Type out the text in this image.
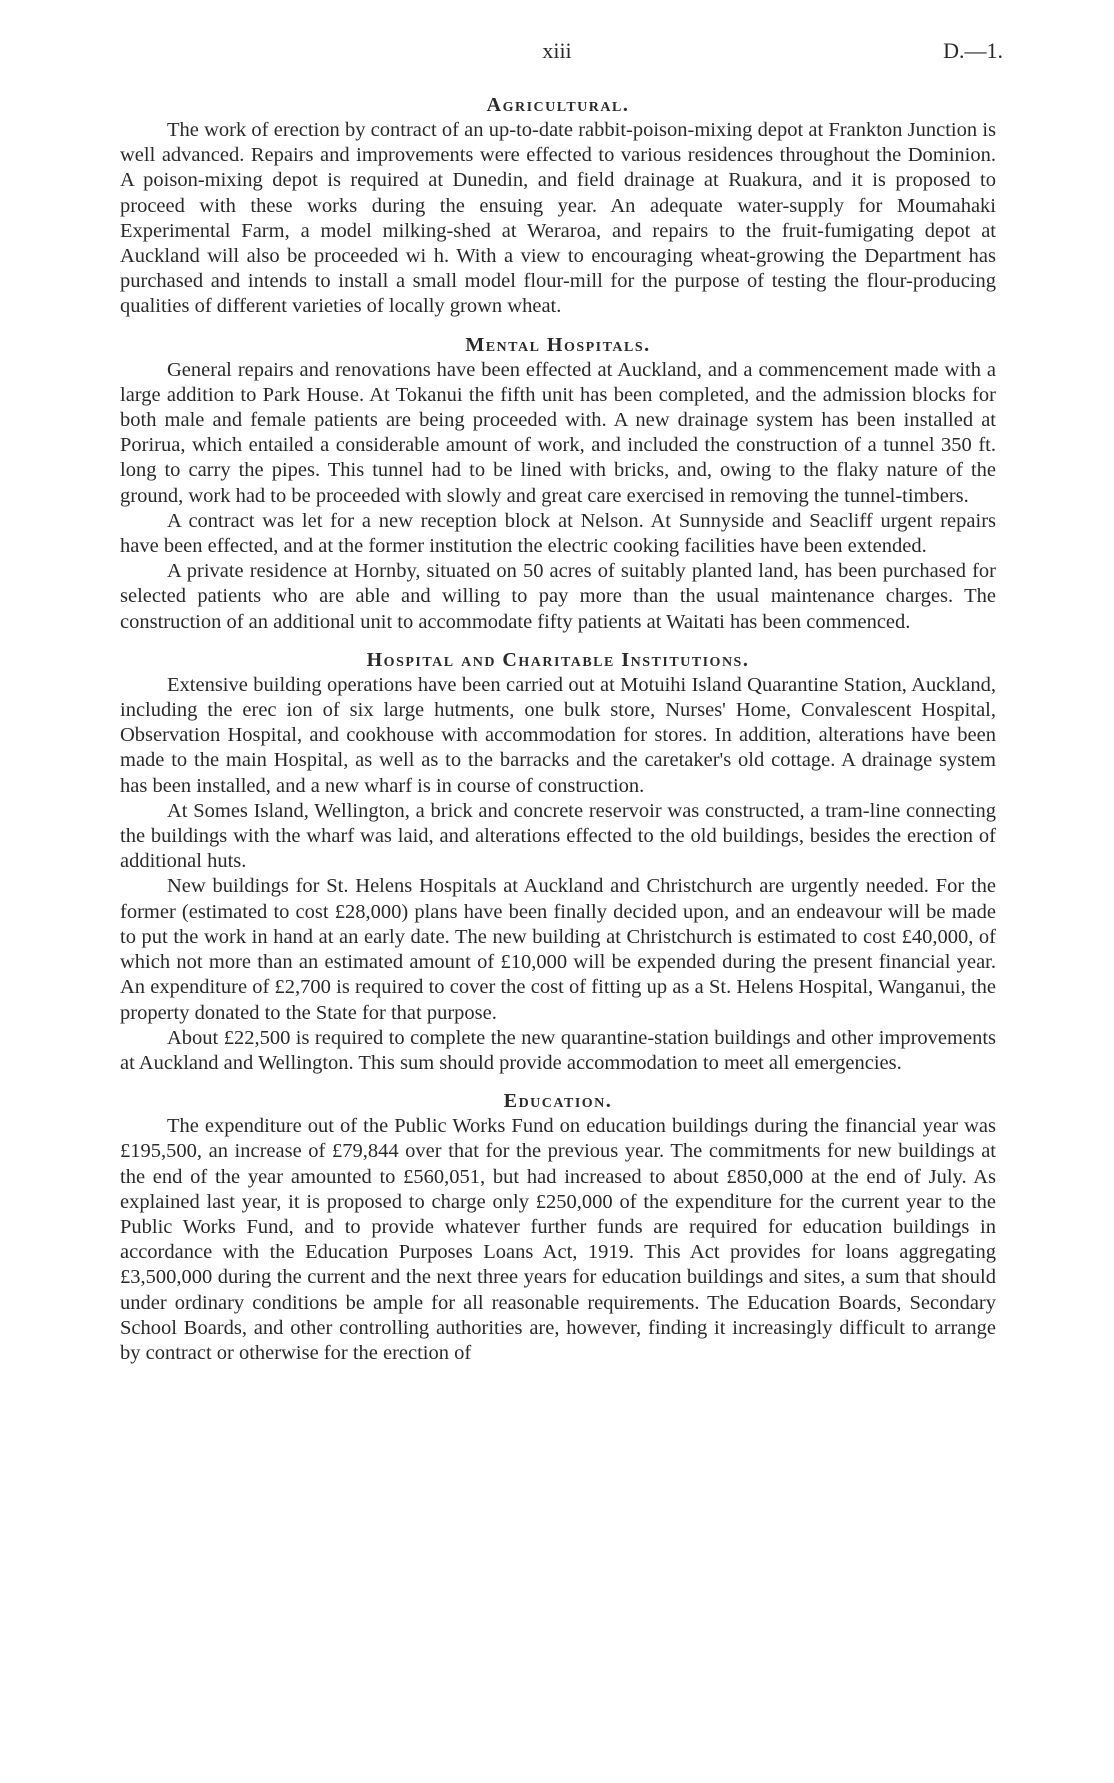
xiii	D.—1.
Agricultural.

The work of erection by contract of an up-to-date rabbit-poison-mixing depot at Frankton Junction is well advanced. Repairs and improvements were effected to various residences throughout the Dominion. A poison-mixing depot is required at Dunedin, and field drainage at Ruakura, and it is proposed to proceed with these works during the ensuing year. An adequate water-supply for Moumahaki Experimental Farm, a model milking-shed at Weraroa, and repairs to the fruit-fumigating depot at Auckland will also be proceeded wi h. With a view to encouraging wheat-growing the Department has purchased and intends to install a small model flour-mill for the purpose of testing the flour-producing qualities of different varieties of locally grown wheat.

Mental Hospitals.

General repairs and renovations have been effected at Auckland, and a commencement made with a large addition to Park House. At Tokanui the fifth unit has been completed, and the admission blocks for both male and female patients are being proceeded with. A new drainage system has been installed at Porirua, which entailed a considerable amount of work, and included the construction of a tunnel 350 ft. long to carry the pipes. This tunnel had to be lined with bricks, and, owing to the flaky nature of the ground, work had to be proceeded with slowly and great care exercised in removing the tunnel-timbers.

A contract was let for a new reception block at Nelson. At Sunnyside and Seacliff urgent repairs have been effected, and at the former institution the electric cooking facilities have been extended.

A private residence at Hornby, situated on 50 acres of suitably planted land, has been purchased for selected patients who are able and willing to pay more than the usual maintenance charges. The construction of an additional unit to accommodate fifty patients at Waitati has been commenced.

Hospital and Charitable Institutions.

Extensive building operations have been carried out at Motuihi Island Quarantine Station, Auckland, including the erec ion of six large hutments, one bulk store, Nurses' Home, Convalescent Hospital, Observation Hospital, and cookhouse with accommodation for stores. In addition, alterations have been made to the main Hospital, as well as to the barracks and the caretaker's old cottage. A drainage system has been installed, and a new wharf is in course of construction.

At Somes Island, Wellington, a brick and concrete reservoir was constructed, a tram-line connecting the buildings with the wharf was laid, and alterations effected to the old buildings, besides the erection of additional huts.

New buildings for St. Helens Hospitals at Auckland and Christchurch are urgently needed. For the former (estimated to cost £28,000) plans have been finally decided upon, and an endeavour will be made to put the work in hand at an early date. The new building at Christchurch is estimated to cost £40,000, of which not more than an estimated amount of £10,000 will be expended during the present financial year. An expenditure of £2,700 is required to cover the cost of fitting up as a St. Helens Hospital, Wanganui, the property donated to the State for that purpose.

About £22,500 is required to complete the new quarantine-station buildings and other improvements at Auckland and Wellington. This sum should provide accommodation to meet all emergencies.

Education.

The expenditure out of the Public Works Fund on education buildings during the financial year was £195,500, an increase of £79,844 over that for the previous year. The commitments for new buildings at the end of the year amounted to £560,051, but had increased to about £850,000 at the end of July. As explained last year, it is proposed to charge only £250,000 of the expenditure for the current year to the Public Works Fund, and to provide whatever further funds are required for education buildings in accordance with the Education Purposes Loans Act, 1919. This Act provides for loans aggregating £3,500,000 during the current and the next three years for education buildings and sites, a sum that should under ordinary conditions be ample for all reasonable requirements. The Education Boards, Secondary School Boards, and other controlling authorities are, however, finding it increasingly difficult to arrange by contract or otherwise for the erection of
